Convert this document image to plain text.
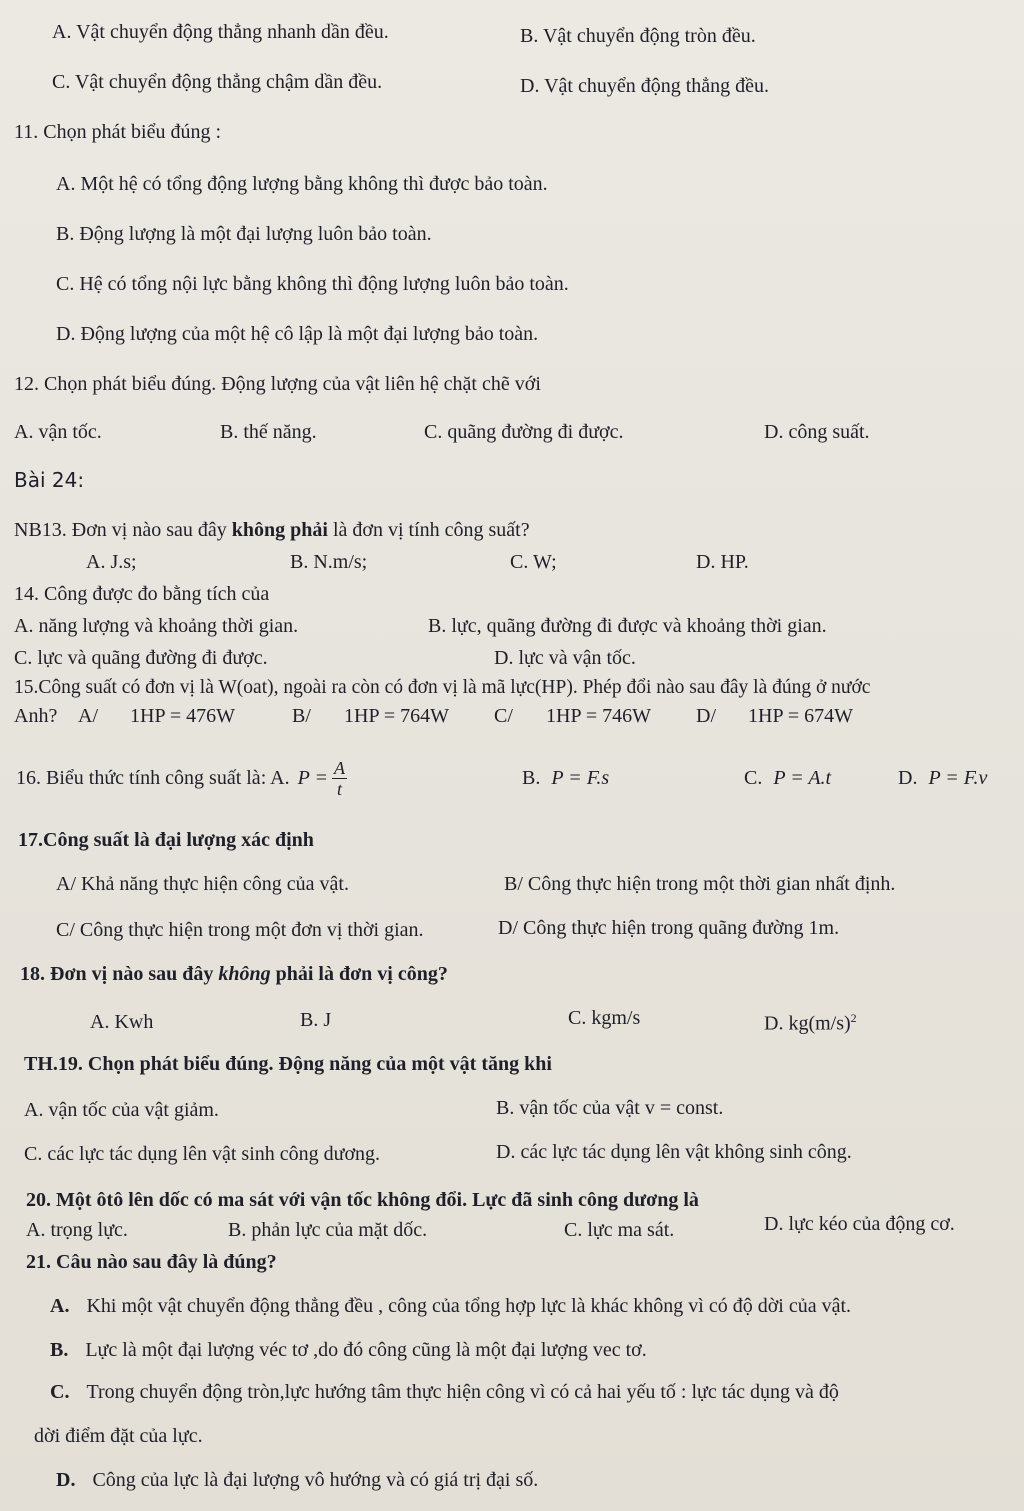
A. Vật chuyển động thẳng nhanh dần đều.	B. Vật chuyển động tròn đều.
C. Vật chuyển động thẳng chậm dần đều.	D. Vật chuyển động thẳng đều.
11. Chọn phát biểu đúng :
A. Một hệ có tổng động lượng bằng không thì được bảo toàn.
B. Động lượng là một đại lượng luôn bảo toàn.
C. Hệ có tổng nội lực bằng không thì động lượng luôn bảo toàn.
D. Động lượng của một hệ cô lập là một đại lượng bảo toàn.
12. Chọn phát biểu đúng. Động lượng của vật liên hệ chặt chẽ với
A. vận tốc.	B. thế năng.	C. quãng đường đi được.	D. công suất.
Bài 24:
NB13. Đơn vị nào sau đây không phải là đơn vị tính công suất?
A. J.s;	B. N.m/s;	C. W;	D. HP.
14. Công được đo bằng tích của
A. năng lượng và khoảng thời gian.	B. lực, quãng đường đi được và khoảng thời gian.
C. lực và quãng đường đi được.	D. lực và vận tốc.
15.Công suất có đơn vị là W(oat), ngoài ra còn có đơn vị là mã lực(HP). Phép đổi nào sau đây là đúng ở nước
Anh? A/ 1HP = 476W	B/ 1HP = 764W C/ 1HP = 746W D/ 1HP = 674W
16. Biểu thức tính công suất là: A. $P = \frac{A}{t}$	B. P = F.s	C. P = A.t	D. P = F.v
17.Công suất là đại lượng xác định
A/ Khả năng thực hiện công của vật.	B/ Công thực hiện trong một thời gian nhất định.
C/ Công thực hiện trong một đơn vị thời gian.	D/ Công thực hiện trong quãng đường 1m.
18. Đơn vị nào sau đây không phải là đơn vị công?
A. Kwh	B. J	C. kgm/s	D. $kg(m/s)^2$
TH.19. Chọn phát biểu đúng. Động năng của một vật tăng khi
A. vận tốc của vật giảm.	B. vận tốc của vật v = const.
C. các lực tác dụng lên vật sinh công dương.	D. các lực tác dụng lên vật không sinh công.
20. Một ôtô lên dốc có ma sát với vận tốc không đổi. Lực đã sinh công dương là
A. trọng lực.	B. phản lực của mặt dốc.	C. lực ma sát.	D. lực kéo của động cơ.
21. Câu nào sau đây là đúng?
A. Khi một vật chuyển động thẳng đều , công của tổng hợp lực là khác không vì có độ dời của vật.
B. Lực là một đại lượng véc tơ ,do đó công cũng là một đại lượng vec tơ.
C. Trong chuyển động tròn,lực hướng tâm thực hiện công vì có cả hai yếu tố : lực tác dụng và độ
dời điểm đặt của lực.
D. Công của lực là đại lượng vô hướng và có giá trị đại số.
